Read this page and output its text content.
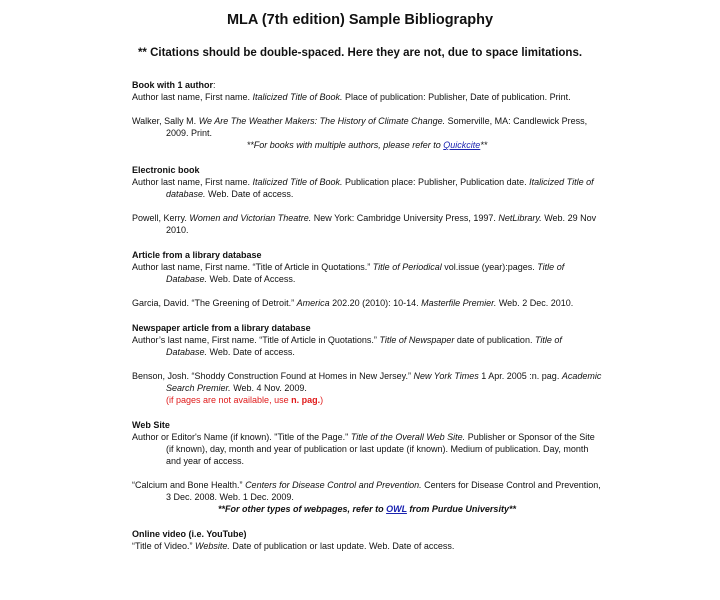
MLA (7th edition) Sample Bibliography

** Citations should be double-spaced. Here they are not, due to space limitations.

Book with 1 author:
Author last name, First name. Italicized Title of Book. Place of publication: Publisher, Date of publication. Print.
Walker, Sally M. We Are The Weather Makers: The History of Climate Change. Somerville, MA: Candlewick Press, 2009. Print.
**For books with multiple authors, please refer to Quickcite**
Electronic book
Author last name, First name. Italicized Title of Book. Publication place: Publisher, Publication date. Italicized Title of database. Web. Date of access.
Powell, Kerry. Women and Victorian Theatre. New York: Cambridge University Press, 1997. NetLibrary. Web. 29 Nov 2010.
Article from a library database
Author last name, First name. “Title of Article in Quotations.” Title of Periodical vol.issue (year):pages. Title of Database. Web. Date of Access.
Garcia, David. “The Greening of Detroit.” America 202.20 (2010): 10-14. Masterfile Premier. Web. 2 Dec. 2010.
Newspaper article from a library database
Author’s last name, First name. “Title of Article in Quotations.” Title of Newspaper date of publication. Title of Database. Web. Date of access.
Benson, Josh. “Shoddy Construction Found at Homes in New Jersey.” New York Times 1 Apr. 2005 :n. pag. Academic Search Premier. Web. 4 Nov. 2009.
(if pages are not available, use n. pag.)
Web Site
Author or Editor's Name (if known). "Title of the Page." Title of the Overall Web Site. Publisher or Sponsor of the Site (if known), day, month and year of publication or last update (if known). Medium of publication. Day, month and year of access.
“Calcium and Bone Health.” Centers for Disease Control and Prevention. Centers for Disease Control and Prevention, 3 Dec. 2008. Web. 1 Dec. 2009.
**For other types of webpages, refer to OWL from Purdue University**
Online video (i.e. YouTube)
“Title of Video.” Website. Date of publication or last update. Web. Date of access.
